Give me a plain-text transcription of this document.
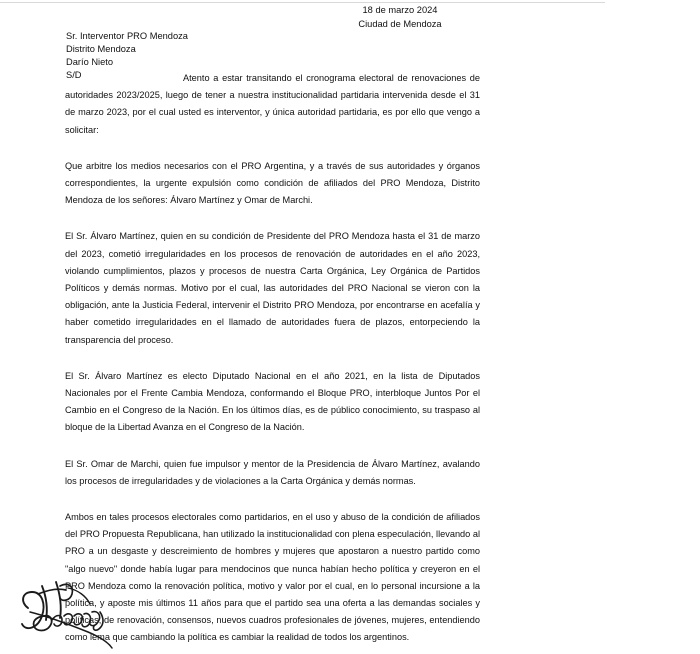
18 de marzo 2024
Ciudad de Mendoza
Sr. Interventor PRO Mendoza
Distrito Mendoza
Darío Nieto
S/D	Atento a estar transitando el cronograma electoral de renovaciones de autoridades 2023/2025, luego de tener a nuestra institucionalidad partidaria intervenida desde el 31 de marzo 2023, por el cual usted es interventor, y única autoridad partidaria, es por ello que vengo a solicitar:

Que arbitre los medios necesarios con el PRO Argentina, y a través de sus autoridades y órganos correspondientes, la urgente expulsión como condición de afiliados del PRO Mendoza, Distrito Mendoza de los señores: Álvaro Martínez y Omar de Marchi.

El Sr. Álvaro Martínez, quien en su condición de Presidente del PRO Mendoza hasta el 31 de marzo del 2023, cometió irregularidades en los procesos de renovación de autoridades en el año 2023, violando cumplimientos, plazos y procesos de nuestra Carta Orgánica, Ley Orgánica de Partidos Políticos y demás normas. Motivo por el cual, las autoridades del PRO Nacional se vieron con la obligación, ante la Justicia Federal, intervenir el Distrito PRO Mendoza, por encontrarse en acefalía y haber cometido irregularidades en el llamado de autoridades fuera de plazos, entorpeciendo la transparencia del proceso.

El Sr. Álvaro Martínez es electo Diputado Nacional en el año 2021, en la lista de Diputados Nacionales por el Frente Cambia Mendoza, conformando el Bloque PRO, interbloque Juntos Por el Cambio en el Congreso de la Nación. En los últimos días, es de público conocimiento, su traspaso al bloque de la Libertad Avanza en el Congreso de la Nación.

El Sr. Omar de Marchi, quien fue impulsor y mentor de la Presidencia de Álvaro Martínez, avalando los procesos de irregularidades y de violaciones a la Carta Orgánica y demás normas.

Ambos en tales procesos electorales como partidarios, en el uso y abuso de la condición de afiliados del PRO Propuesta Republicana, han utilizado la institucionalidad con plena especulación, llevando al PRO a un desgaste y descreimiento de hombres y mujeres que apostaron a nuestro partido como "algo nuevo" donde había lugar para mendocinos que nunca habían hecho política y creyeron en el PRO Mendoza como la renovación política, motivo y valor por el cual, en lo personal incursione a la política, y aposte mis últimos 11 años para que el partido sea una oferta a las demandas sociales y políticas, de renovación, consensos, nuevos cuadros profesionales de jóvenes, mujeres, entendiendo como lema que cambiando la política es cambiar la realidad de todos los argentinos.
